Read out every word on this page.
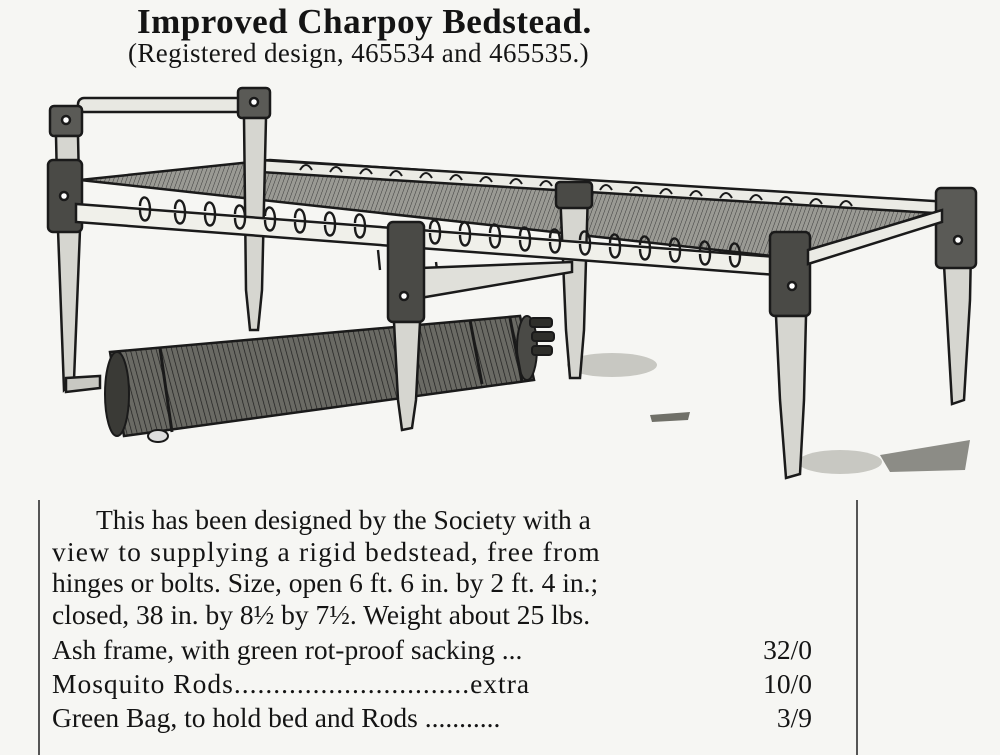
Improved Charpoy Bedstead.
(Registered design, 465534 and 465535.)
This has been designed by the Society with a
view to supplying a rigid bedstead, free from
hinges or bolts. Size, open 6 ft. 6 in. by 2 ft. 4 in.;
closed, 38 in. by 8½ by 7½. Weight about 25 lbs.
Ash frame, with green rot-proof sacking ...	32/0
Mosquito Rods..............................extra	10/0
Green Bag, to hold bed and Rods ...........	3/9
